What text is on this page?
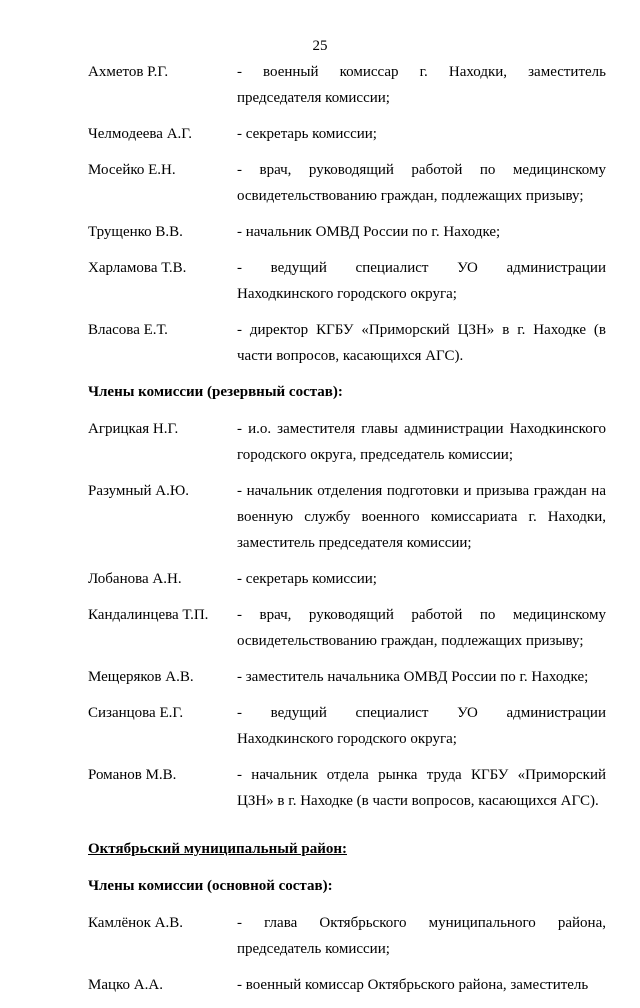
25
Ахметов Р.Г.	- военный комиссар г. Находки, заместитель председателя комиссии;
Челмодеева А.Г.	- секретарь комиссии;
Мосейко Е.Н.	- врач, руководящий работой по медицинскому освидетельствованию граждан, подлежащих призыву;
Трущенко В.В.	- начальник ОМВД России по г. Находке;
Харламова Т.В.	- ведущий специалист УО администрации Находкинского городского округа;
Власова Е.Т.	- директор КГБУ «Приморский ЦЗН» в г. Находке (в части вопросов, касающихся АГС).
Члены комиссии (резервный состав):
Агрицкая Н.Г.	- и.о. заместителя главы администрации Находкинского городского округа, председатель комиссии;
Разумный А.Ю.	- начальник отделения подготовки и призыва граждан на военную службу военного комиссариата г. Находки, заместитель председателя комиссии;
Лобанова А.Н.	- секретарь комиссии;
Кандалинцева Т.П.	- врач, руководящий работой по медицинскому освидетельствованию граждан, подлежащих призыву;
Мещеряков А.В.	- заместитель начальника ОМВД России по г. Находке;
Сизанцова Е.Г.	- ведущий специалист УО администрации Находкинского городского округа;
Романов М.В.	- начальник отдела рынка труда КГБУ «Приморский ЦЗН» в г. Находке (в части вопросов, касающихся АГС).
Октябрьский муниципальный район:
Члены комиссии (основной состав):
Камлёнок А.В.	- глава Октябрьского муниципального района, председатель комиссии;
Мацко А.А.	- военный комиссар Октябрьского района, заместитель
